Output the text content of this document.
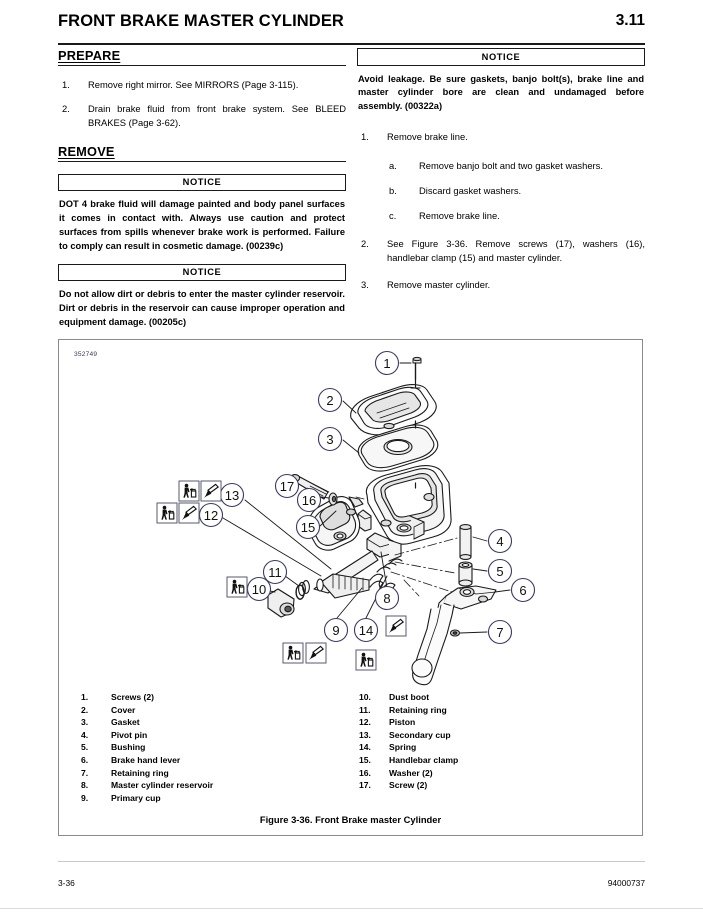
FRONT BRAKE MASTER CYLINDER	3.11
PREPARE
1.	Remove right mirror. See MIRRORS (Page 3-115).
2.	Drain brake fluid from front brake system. See BLEED BRAKES (Page 3-62).
REMOVE
NOTICE
DOT 4 brake fluid will damage painted and body panel surfaces it comes in contact with. Always use caution and protect surfaces from spills whenever brake work is performed. Failure to comply can result in cosmetic damage. (00239c)
NOTICE
Do not allow dirt or debris to enter the master cylinder reservoir. Dirt or debris in the reservoir can cause improper operation and equipment damage. (00205c)
NOTICE
Avoid leakage. Be sure gaskets, banjo bolt(s), brake line and master cylinder bore are clean and undamaged before assembly. (00322a)
1.	Remove brake line.
a.	Remove banjo bolt and two gasket washers.
b.	Discard gasket washers.
c.	Remove brake line.
2.	See Figure 3-36. Remove screws (17), washers (16), handlebar clamp (15) and master cylinder.
3.	Remove master cylinder.
352749
1
2
3
17
16
15
13
12
11
10
9 14
8
4
5
6
7
1.	Screws (2)
2.	Cover
3.	Gasket
4.	Pivot pin
5.	Bushing
6.	Brake hand lever
7.	Retaining ring
8.	Master cylinder reservoir
9.	Primary cup
10.	Dust boot
11.	Retaining ring
12.	Piston
13.	Secondary cup
14.	Spring
15.	Handlebar clamp
16.	Washer (2)
17.	Screw (2)
Figure 3-36. Front Brake master Cylinder
3-36	94000737
